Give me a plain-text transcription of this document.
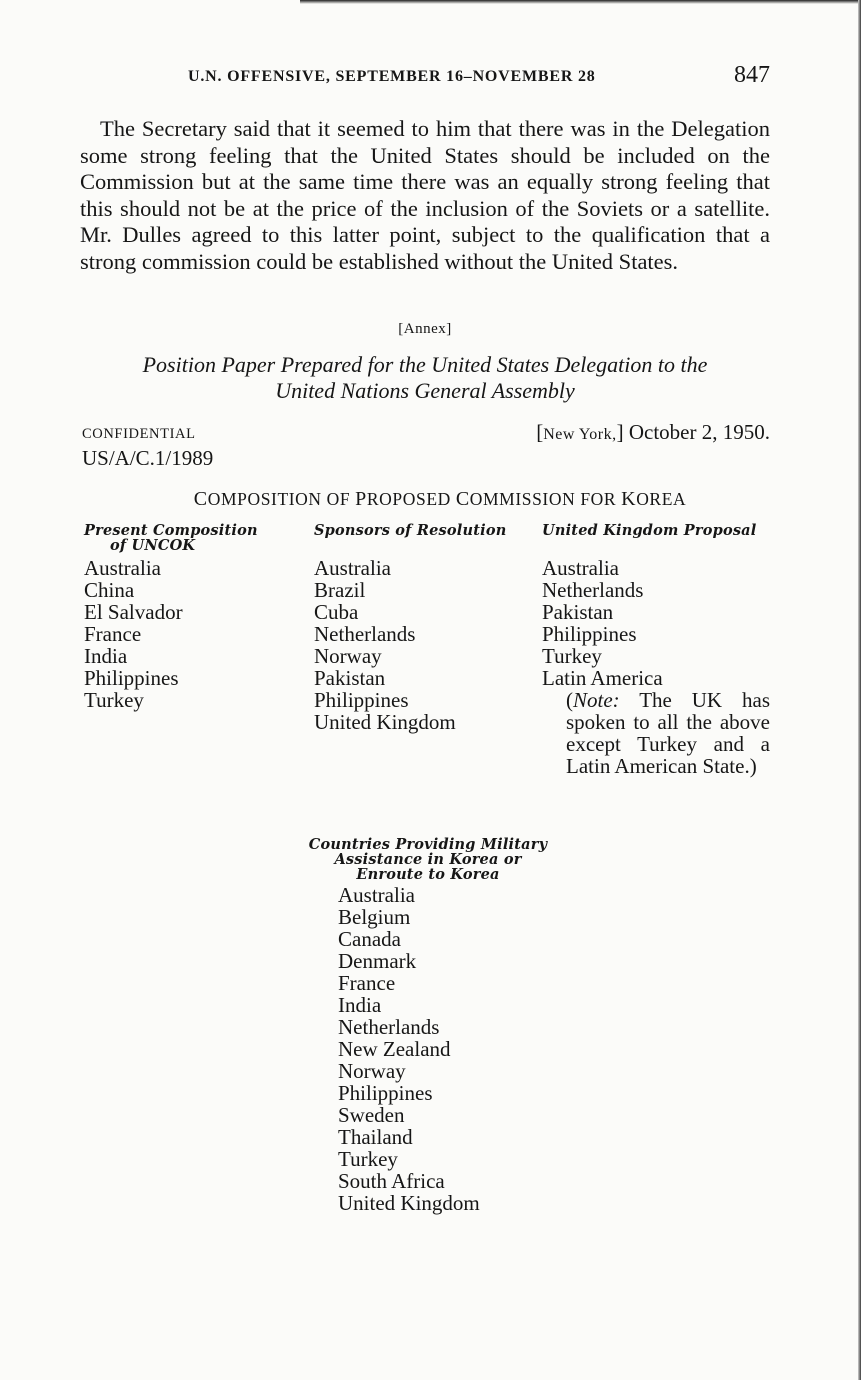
U.N. OFFENSIVE, SEPTEMBER 16–NOVEMBER 28	847

The Secretary said that it seemed to him that there was in the Delegation some strong feeling that the United States should be included on the Commission but at the same time there was an equally strong feeling that this should not be at the price of the inclusion of the Soviets or a satellite. Mr. Dulles agreed to this latter point, subject to the qualification that a strong commission could be established without the United States.

[Annex]
Position Paper Prepared for the United States Delegation to the
United Nations General Assembly
CONFIDENTIAL
US/A/C.1/1989
[New York,] October 2, 1950.
COMPOSITION OF PROPOSED COMMISSION FOR KOREA
Present Composition
of UNCOK
Australia
China
El Salvador
France
India
Philippines
Turkey
Sponsors of Resolution
Australia
Brazil
Cuba
Netherlands
Norway
Pakistan
Philippines
United Kingdom
United Kingdom Proposal
Australia
Netherlands
Pakistan
Philippines
Turkey
Latin America

(Note: The UK has spoken to all the above except Turkey and a Latin American State.)

Countries Providing Military
Assistance in Korea or
Enroute to Korea
Australia
Belgium
Canada
Denmark
France
India
Netherlands
New Zealand
Norway
Philippines
Sweden
Thailand
Turkey
South Africa
United Kingdom
